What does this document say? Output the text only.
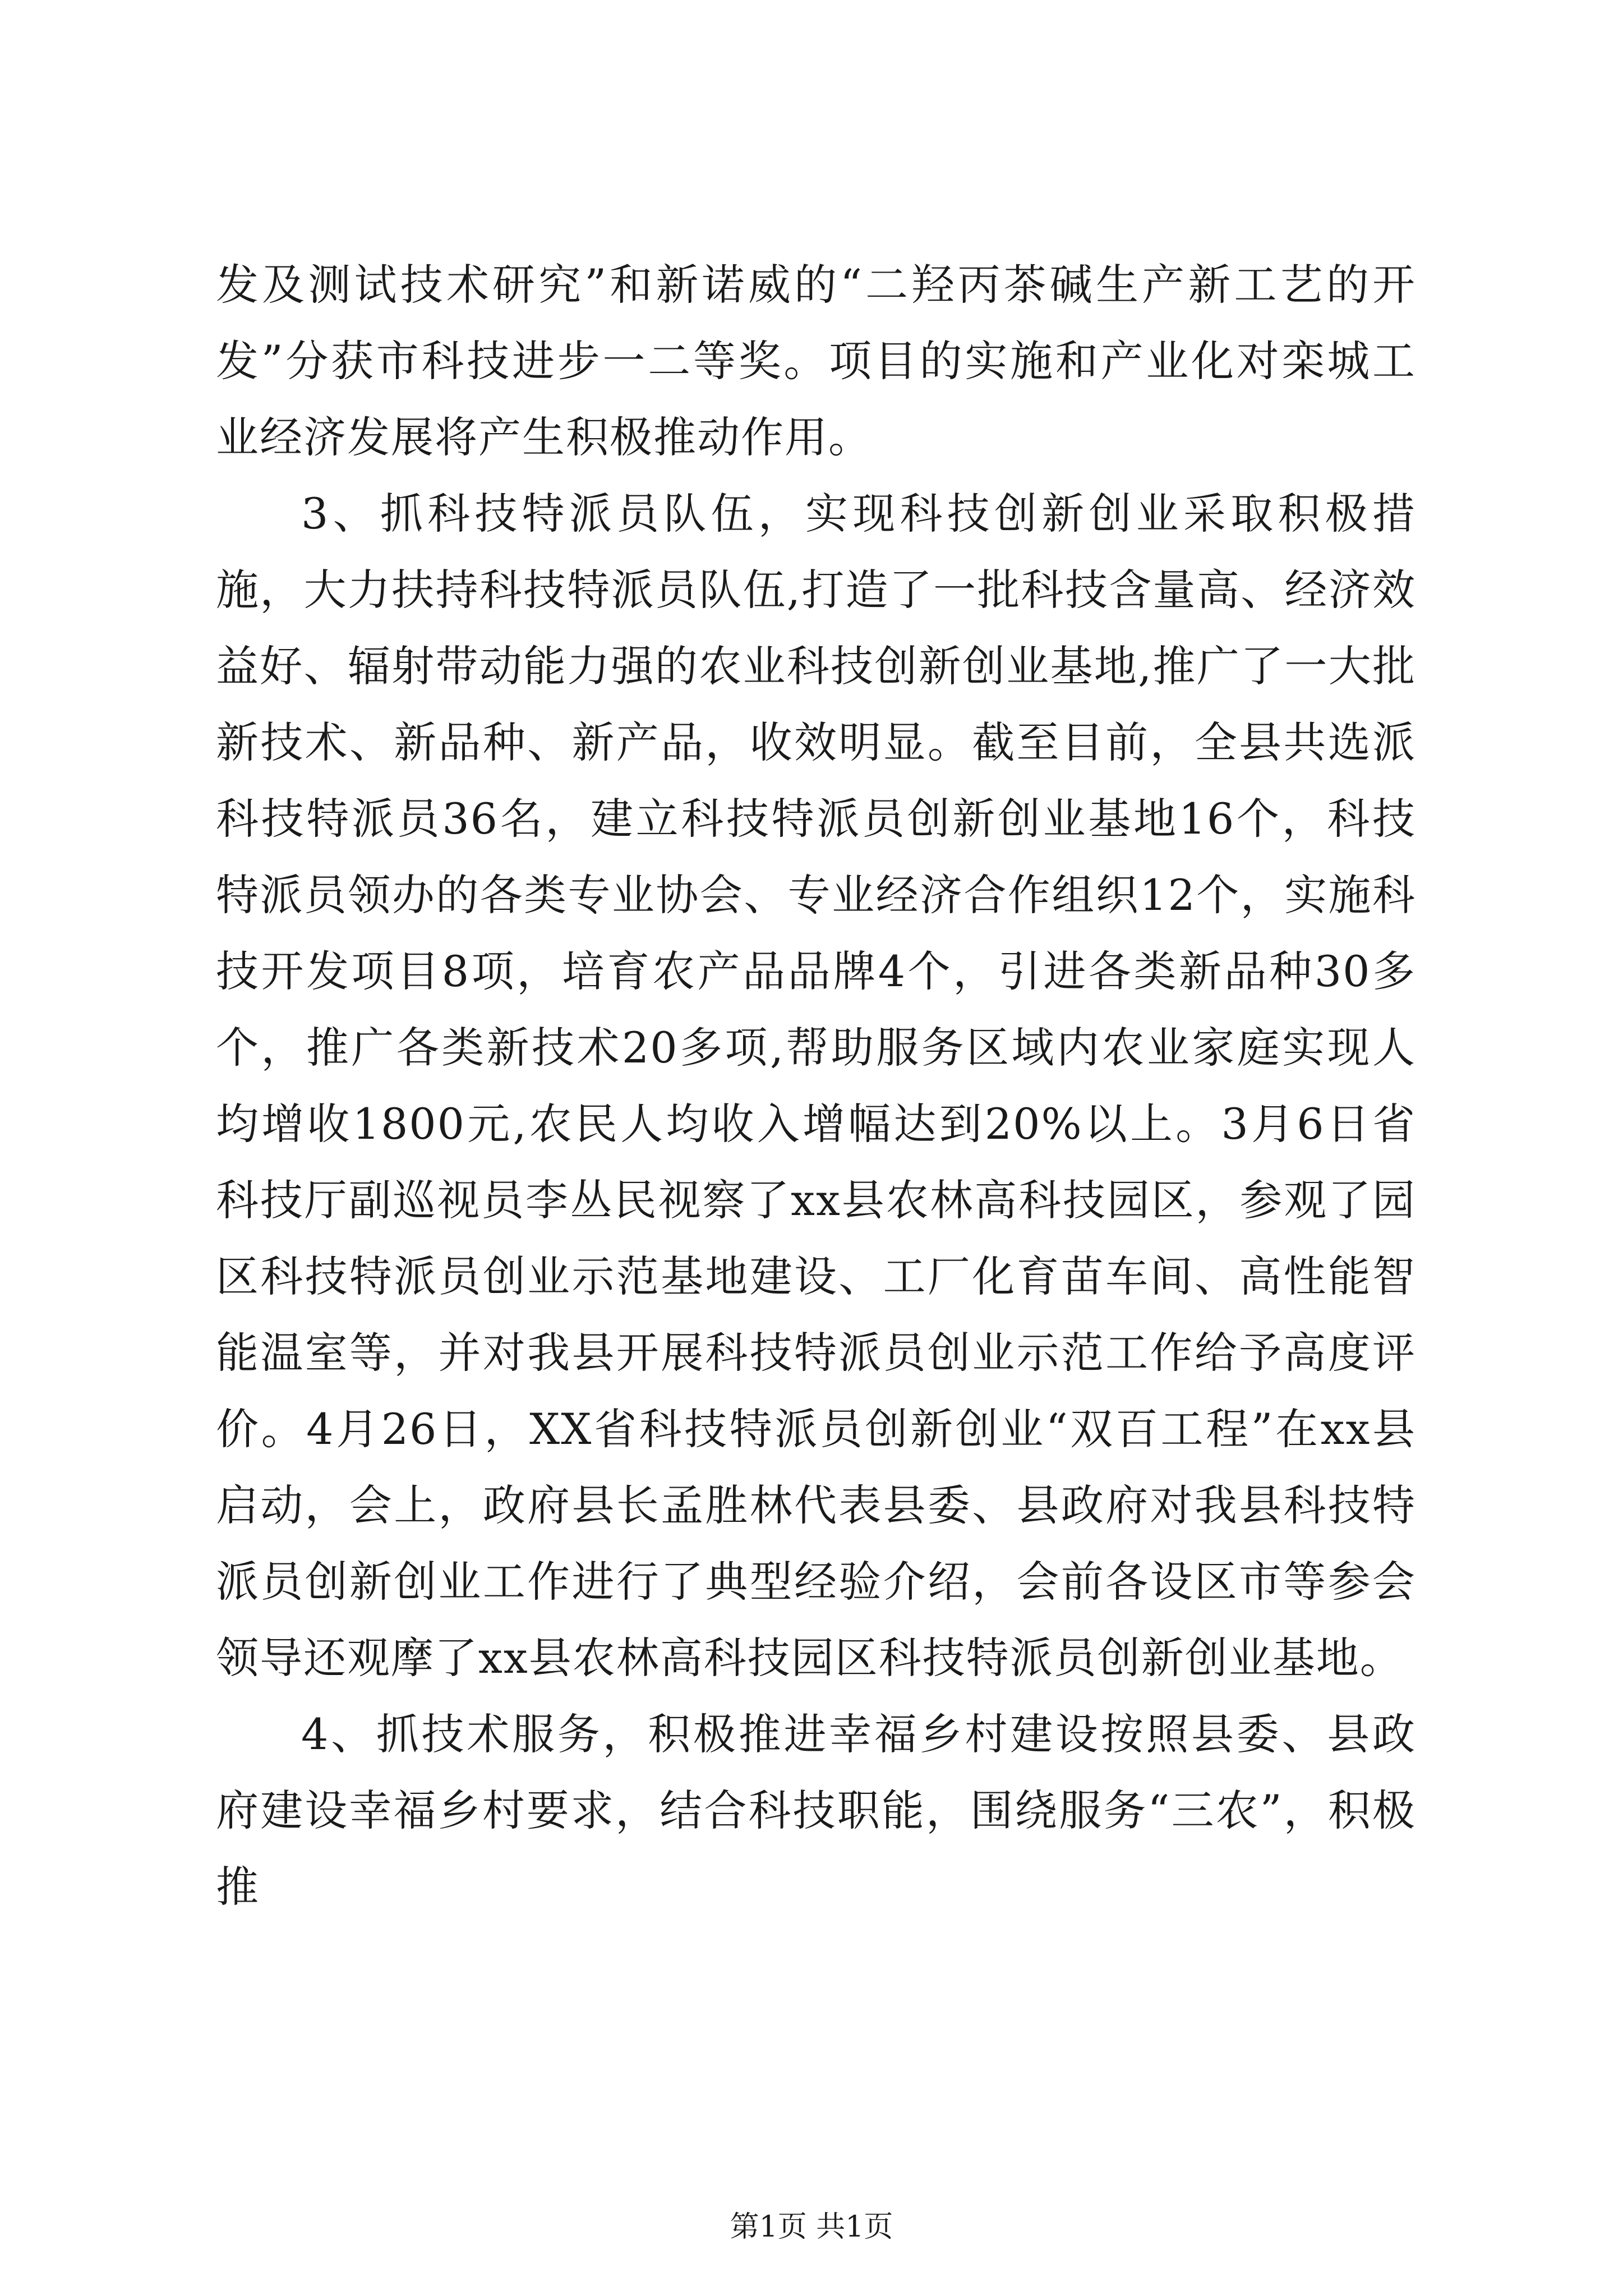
发及测试技术研究”和新诺威的“二羟丙茶碱生产新工艺的开发”分获市科技进步一二等奖。项目的实施和产业化对栾城工业经济发展将产生积极推动作用。

3、抓科技特派员队伍，实现科技创新创业采取积极措施，大力扶持科技特派员队伍,打造了一批科技含量高、经济效益好、辐射带动能力强的农业科技创新创业基地,推广了一大批新技术、新品种、新产品，收效明显。截至目前，全县共选派科技特派员36名，建立科技特派员创新创业基地16个，科技特派员领办的各类专业协会、专业经济合作组织12个，实施科技开发项目8项，培育农产品品牌4个，引进各类新品种30多个，推广各类新技术20多项,帮助服务区域内农业家庭实现人均增收1800元,农民人均收入增幅达到20%以上。3月6日省科技厅副巡视员李丛民视察了xx县农林高科技园区，参观了园区科技特派员创业示范基地建设、工厂化育苗车间、高性能智能温室等，并对我县开展科技特派员创业示范工作给予高度评价。4月26日，XX省科技特派员创新创业“双百工程”在xx县启动，会上，政府县长孟胜林代表县委、县政府对我县科技特派员创新创业工作进行了典型经验介绍，会前各设区市等参会领导还观摩了xx县农林高科技园区科技特派员创新创业基地。

4、抓技术服务，积极推进幸福乡村建设按照县委、县政府建设幸福乡村要求，结合科技职能，围绕服务“三农”，积极推

第1页 共1页
